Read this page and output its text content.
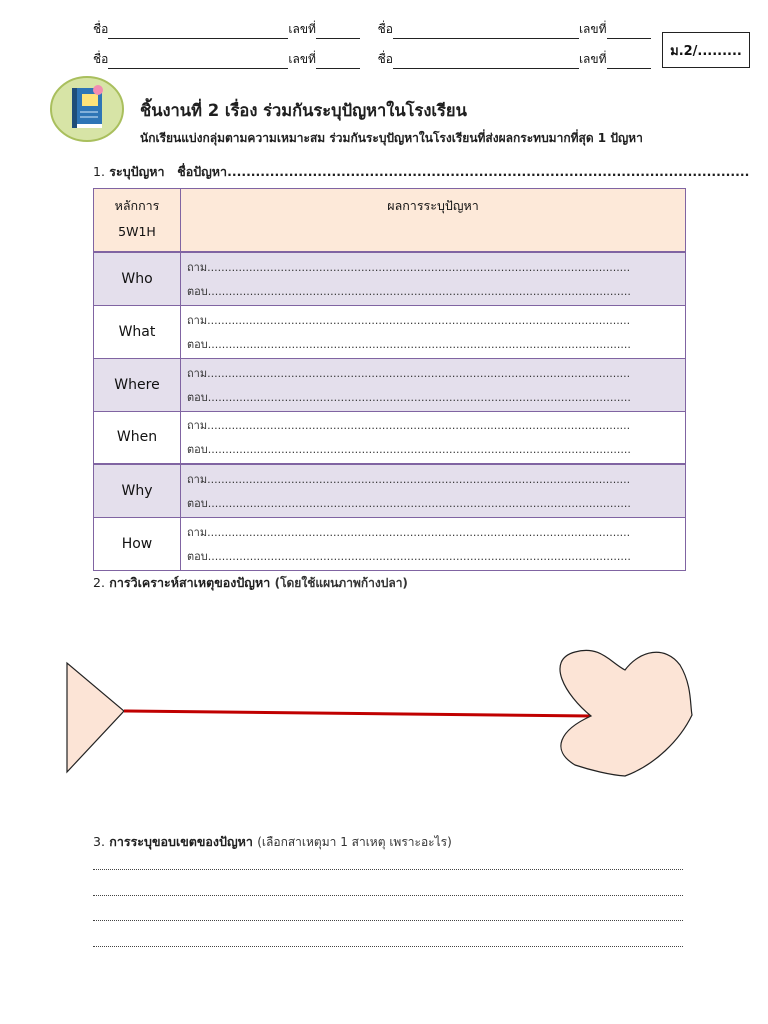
ชื่อ	เลขที่	ชื่อ	เลขที่
ชื่อ	เลขที่	ชื่อ	เลขที่
ม.2/.........
ชิ้นงานที่ 2 เรื่อง ร่วมกันระบุปัญหาในโรงเรียน
นักเรียนแบ่งกลุ่มตามความเหมาะสม ร่วมกันระบุปัญหาในโรงเรียนที่ส่งผลกระทบมากที่สุด 1 ปัญหา
1. ระบุปัญหา ชื่อปัญหา..............................................................................................................
หลักการ
5W1H	ผลการระบุปัญหา
Who	ถาม.........................................................................................................................
ตอบ.........................................................................................................................

What	ถาม.........................................................................................................................
ตอบ.........................................................................................................................

Where	ถาม.........................................................................................................................
ตอบ.........................................................................................................................

When	ถาม.........................................................................................................................
ตอบ.........................................................................................................................

Why	ถาม.........................................................................................................................
ตอบ.........................................................................................................................

How	ถาม.........................................................................................................................
ตอบ.........................................................................................................................
2. การวิเคราะห์สาเหตุของปัญหา (โดยใช้แผนภาพก้างปลา)
3. การระบุขอบเขตของปัญหา (เลือกสาเหตุมา 1 สาเหตุ เพราะอะไร)
